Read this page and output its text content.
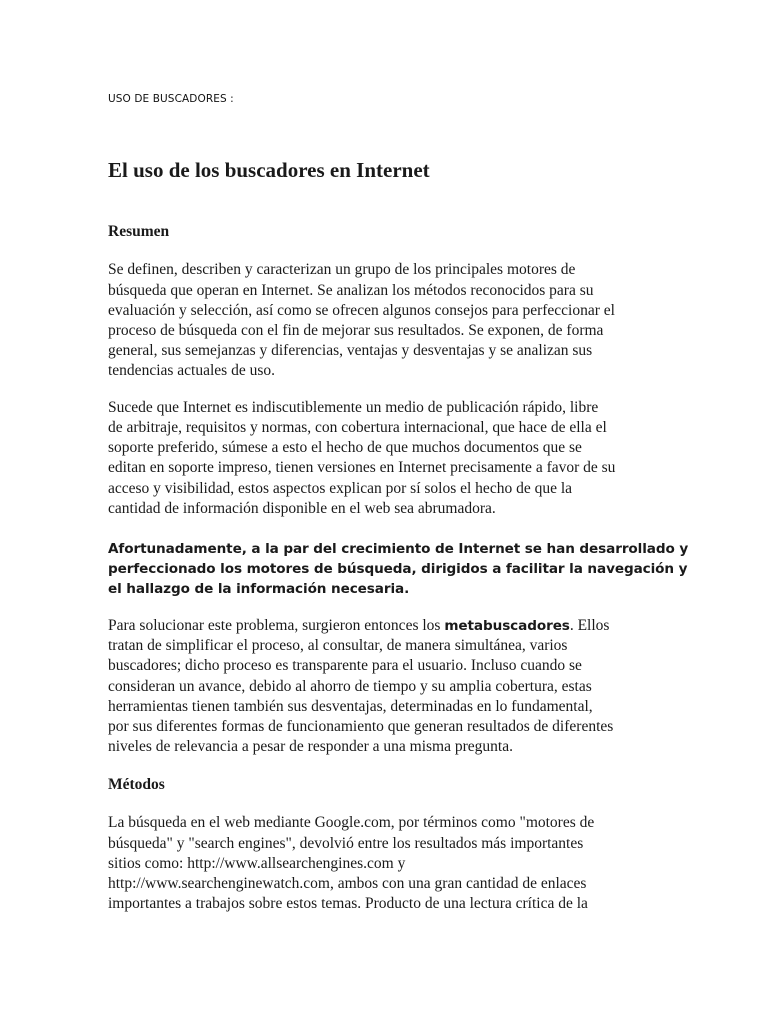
USO DE BUSCADORES :
El uso de los buscadores en Internet
Resumen
Se definen, describen y caracterizan un grupo de los principales motores de
búsqueda que operan en Internet. Se analizan los métodos reconocidos para su
evaluación y selección, así como se ofrecen algunos consejos para perfeccionar el
proceso de búsqueda con el fin de mejorar sus resultados. Se exponen, de forma
general, sus semejanzas y diferencias, ventajas y desventajas y se analizan sus
tendencias actuales de uso.
Sucede que Internet es indiscutiblemente un medio de publicación rápido, libre
de arbitraje, requisitos y normas, con cobertura internacional, que hace de ella el
soporte preferido, súmese a esto el hecho de que muchos documentos que se
editan en soporte impreso, tienen versiones en Internet precisamente a favor de su
acceso y visibilidad, estos aspectos explican por sí solos el hecho de que la
cantidad de información disponible en el web sea abrumadora.
Afortunadamente, a la par del crecimiento de Internet se han desarrollado y
perfeccionado los motores de búsqueda, dirigidos a facilitar la navegación y
el hallazgo de la información necesaria.
Para solucionar este problema, surgieron entonces los metabuscadores. Ellos
tratan de simplificar el proceso, al consultar, de manera simultánea, varios
buscadores; dicho proceso es transparente para el usuario. Incluso cuando se
consideran un avance, debido al ahorro de tiempo y su amplia cobertura, estas
herramientas tienen también sus desventajas, determinadas en lo fundamental,
por sus diferentes formas de funcionamiento que generan resultados de diferentes
niveles de relevancia a pesar de responder a una misma pregunta.
Métodos
La búsqueda en el web mediante Google.com, por términos como "motores de
búsqueda" y "search engines", devolvió entre los resultados más importantes
sitios como: http://www.allsearchengines.com y
http://www.searchenginewatch.com, ambos con una gran cantidad de enlaces
importantes a trabajos sobre estos temas. Producto de una lectura crítica de la
